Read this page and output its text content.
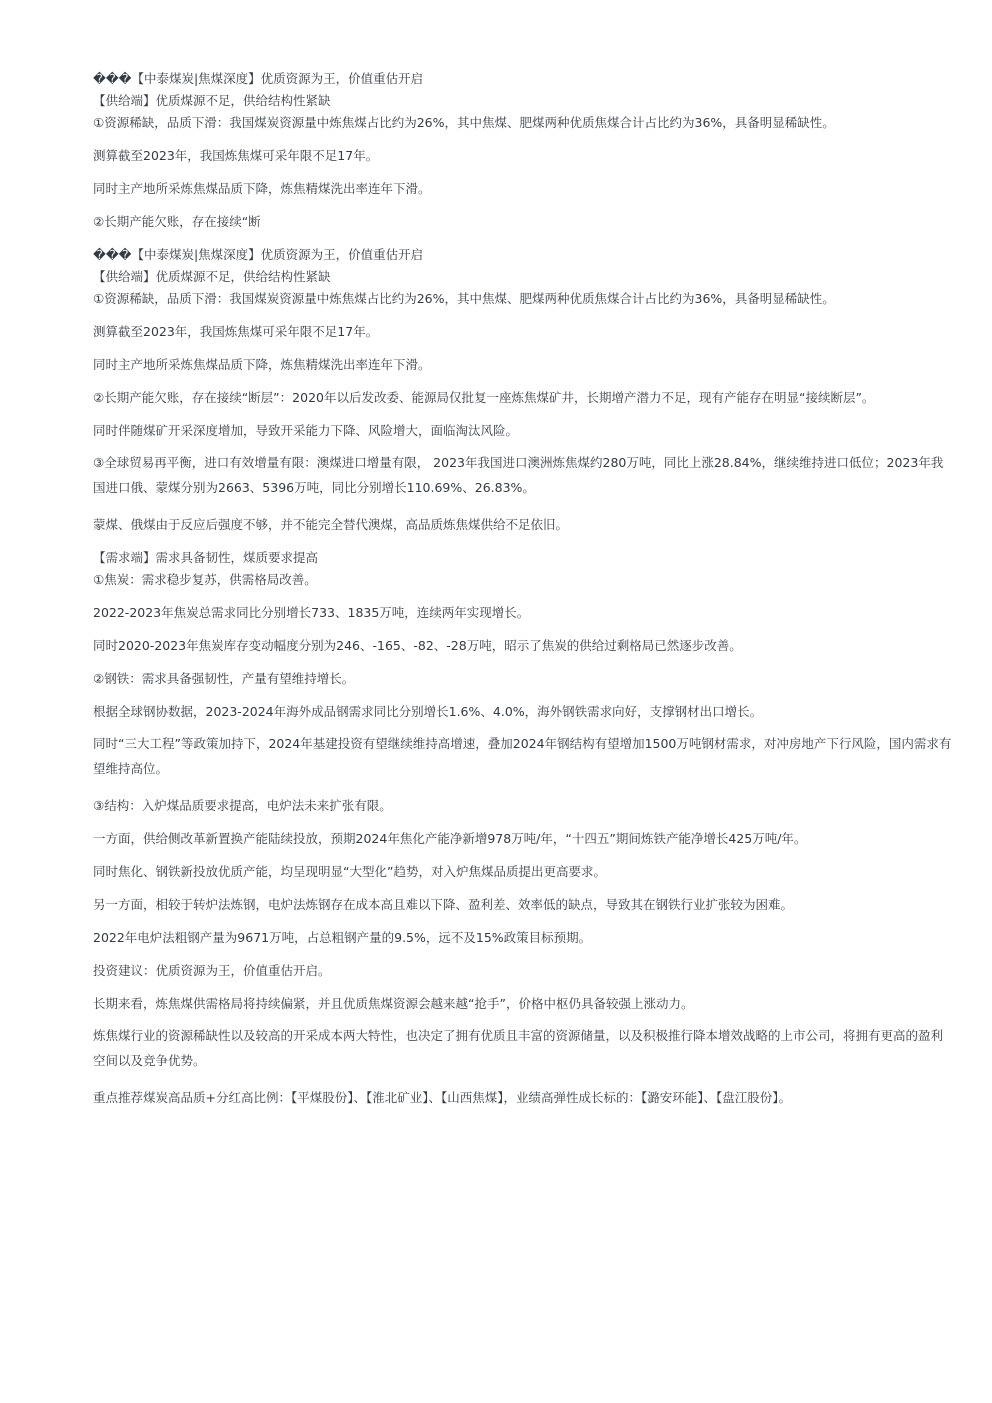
���【中泰煤炭|焦煤深度】优质资源为王，价值重估开启

【供给端】优质煤源不足，供给结构性紧缺

①资源稀缺，品质下滑：我国煤炭资源量中炼焦煤占比约为26%，其中焦煤、肥煤两种优质焦煤合计占比约为36%，具备明显稀缺性。

测算截至2023年，我国炼焦煤可采年限不足17年。

同时主产地所采炼焦煤品质下降，炼焦精煤洗出率连年下滑。

②长期产能欠账，存在接续“断

���【中泰煤炭|焦煤深度】优质资源为王，价值重估开启

【供给端】优质煤源不足，供给结构性紧缺

①资源稀缺，品质下滑：我国煤炭资源量中炼焦煤占比约为26%，其中焦煤、肥煤两种优质焦煤合计占比约为36%，具备明显稀缺性。

测算截至2023年，我国炼焦煤可采年限不足17年。

同时主产地所采炼焦煤品质下降，炼焦精煤洗出率连年下滑。

②长期产能欠账，存在接续“断层”：2020年以后发改委、能源局仅批复一座炼焦煤矿井，长期增产潜力不足，现有产能存在明显“接续断层”。

同时伴随煤矿开采深度增加，导致开采能力下降、风险增大，面临淘汰风险。

③全球贸易再平衡，进口有效增量有限：澳煤进口增量有限， 2023年我国进口澳洲炼焦煤约280万吨，同比上涨28.84%，继续维持进口低位；2023年我国进口俄、蒙煤分别为2663、5396万吨，同比分别增长110.69%、26.83%。

蒙煤、俄煤由于反应后强度不够，并不能完全替代澳煤，高品质炼焦煤供给不足依旧。

【需求端】需求具备韧性，煤质要求提高

①焦炭：需求稳步复苏，供需格局改善。

2022-2023年焦炭总需求同比分别增长733、1835万吨，连续两年实现增长。

同时2020-2023年焦炭库存变动幅度分别为246、-165、-82、-28万吨，昭示了焦炭的供给过剩格局已然逐步改善。

②钢铁：需求具备强韧性，产量有望维持增长。

根据全球钢协数据，2023-2024年海外成品钢需求同比分别增长1.6%、4.0%，海外钢铁需求向好，支撑钢材出口增长。

同时“三大工程”等政策加持下，2024年基建投资有望继续维持高增速，叠加2024年钢结构有望增加1500万吨钢材需求，对冲房地产下行风险，国内需求有望维持高位。

③结构：入炉煤品质要求提高，电炉法未来扩张有限。

一方面，供给侧改革新置换产能陆续投放，预期2024年焦化产能净新增978万吨/年，“十四五”期间炼铁产能净增长425万吨/年。

同时焦化、钢铁新投放优质产能，均呈现明显“大型化”趋势，对入炉焦煤品质提出更高要求。

另一方面，相较于转炉法炼钢，电炉法炼钢存在成本高且难以下降、盈利差、效率低的缺点，导致其在钢铁行业扩张较为困难。

2022年电炉法粗钢产量为9671万吨，占总粗钢产量的9.5%，远不及15%政策目标预期。

投资建议：优质资源为王，价值重估开启。

长期来看，炼焦煤供需格局将持续偏紧，并且优质焦煤资源会越来越“抢手”，价格中枢仍具备较强上涨动力。

炼焦煤行业的资源稀缺性以及较高的开采成本两大特性，也决定了拥有优质且丰富的资源储量，以及积极推行降本增效战略的上市公司，将拥有更高的盈利空间以及竞争优势。

重点推荐煤炭高品质+分红高比例：【平煤股份】、【淮北矿业】、【山西焦煤】，业绩高弹性成长标的：【潞安环能】、【盘江股份】。
